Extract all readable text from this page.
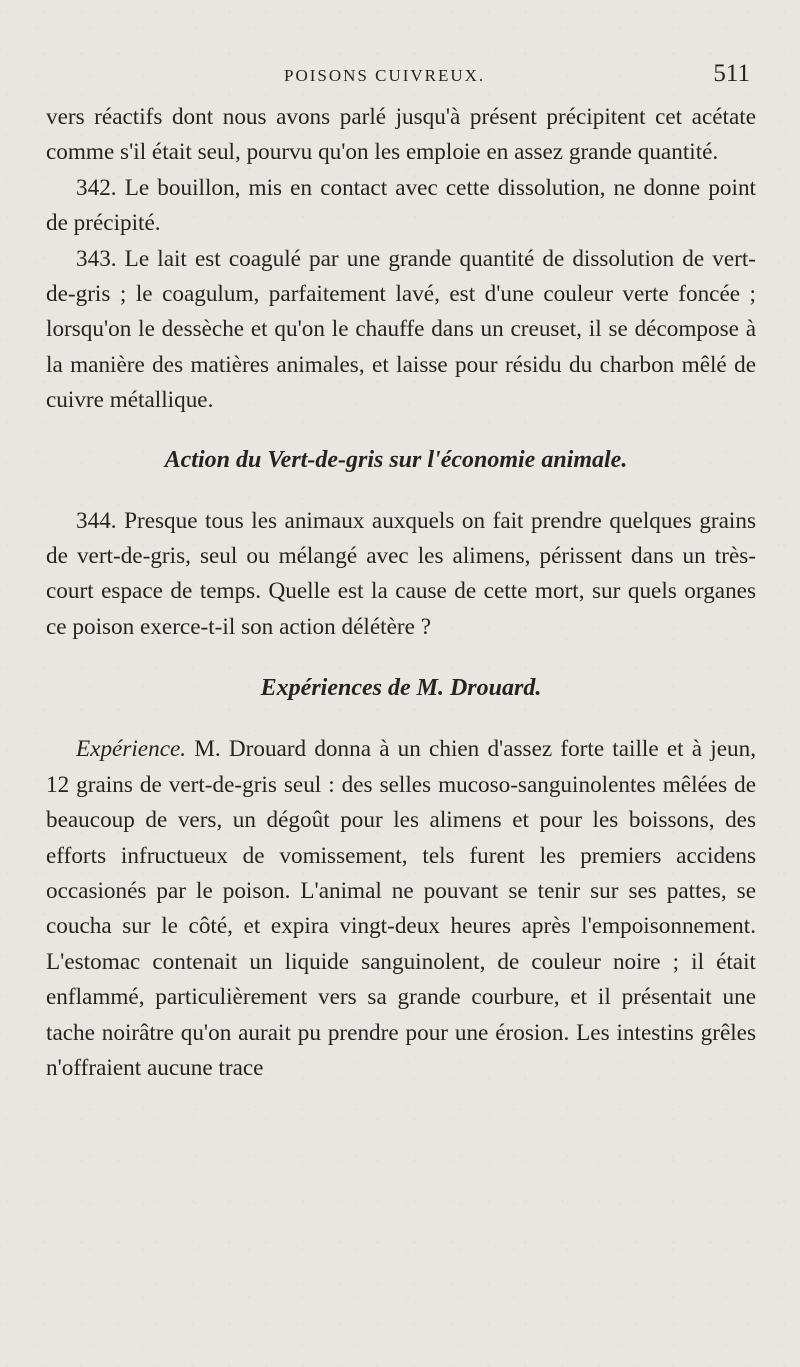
POISONS CUIVREUX.	511

vers réactifs dont nous avons parlé jusqu'à présent précipitent cet acétate comme s'il était seul, pourvu qu'on les emploie en assez grande quantité.

342. Le bouillon, mis en contact avec cette dissolution, ne donne point de précipité.

343. Le lait est coagulé par une grande quantité de dissolution de vert-de-gris ; le coagulum, parfaitement lavé, est d'une couleur verte foncée ; lorsqu'on le dessèche et qu'on le chauffe dans un creuset, il se décompose à la manière des matières animales, et laisse pour résidu du charbon mêlé de cuivre métallique.

Action du Vert-de-gris sur l'économie animale.

344. Presque tous les animaux auxquels on fait prendre quelques grains de vert-de-gris, seul ou mélangé avec les alimens, périssent dans un très-court espace de temps. Quelle est la cause de cette mort, sur quels organes ce poison exerce-t-il son action délétère ?

Expériences de M. Drouard.

Expérience. M. Drouard donna à un chien d'assez forte taille et à jeun, 12 grains de vert-de-gris seul : des selles mucoso-sanguinolentes mêlées de beaucoup de vers, un dégoût pour les alimens et pour les boissons, des efforts infructueux de vomissement, tels furent les premiers accidens occasionés par le poison. L'animal ne pouvant se tenir sur ses pattes, se coucha sur le côté, et expira vingt-deux heures après l'empoisonnement. L'estomac contenait un liquide sanguinolent, de couleur noire ; il était enflammé, particulièrement vers sa grande courbure, et il présentait une tache noirâtre qu'on aurait pu prendre pour une érosion. Les intestins grêles n'offraient aucune trace
